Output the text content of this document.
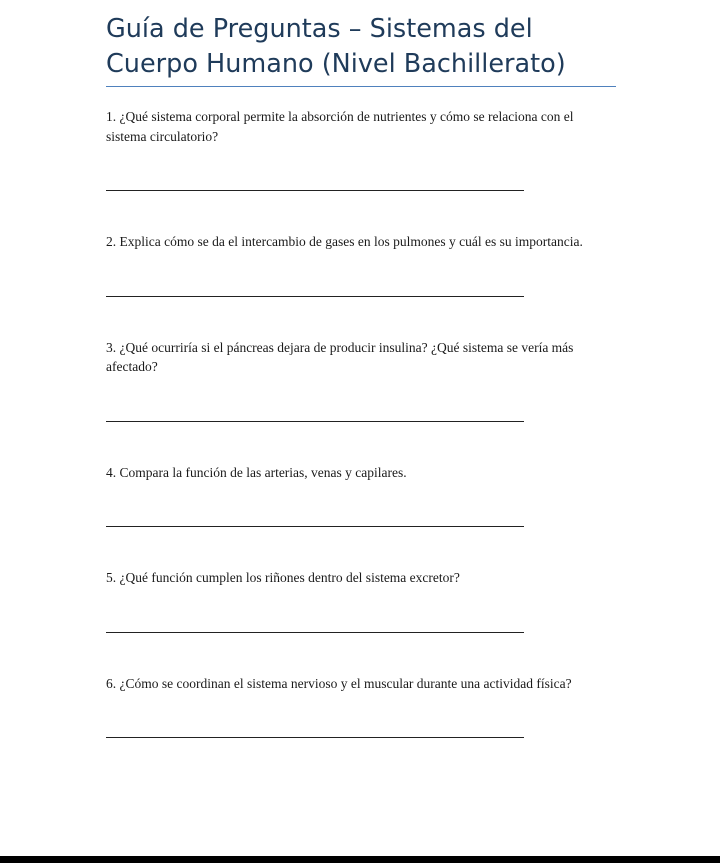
Guía de Preguntas – Sistemas del Cuerpo Humano (Nivel Bachillerato)

1. ¿Qué sistema corporal permite la absorción de nutrientes y cómo se relaciona con el sistema circulatorio?

2. Explica cómo se da el intercambio de gases en los pulmones y cuál es su importancia.

3. ¿Qué ocurriría si el páncreas dejara de producir insulina? ¿Qué sistema se vería más afectado?

4. Compara la función de las arterias, venas y capilares.

5. ¿Qué función cumplen los riñones dentro del sistema excretor?

6. ¿Cómo se coordinan el sistema nervioso y el muscular durante una actividad física?
